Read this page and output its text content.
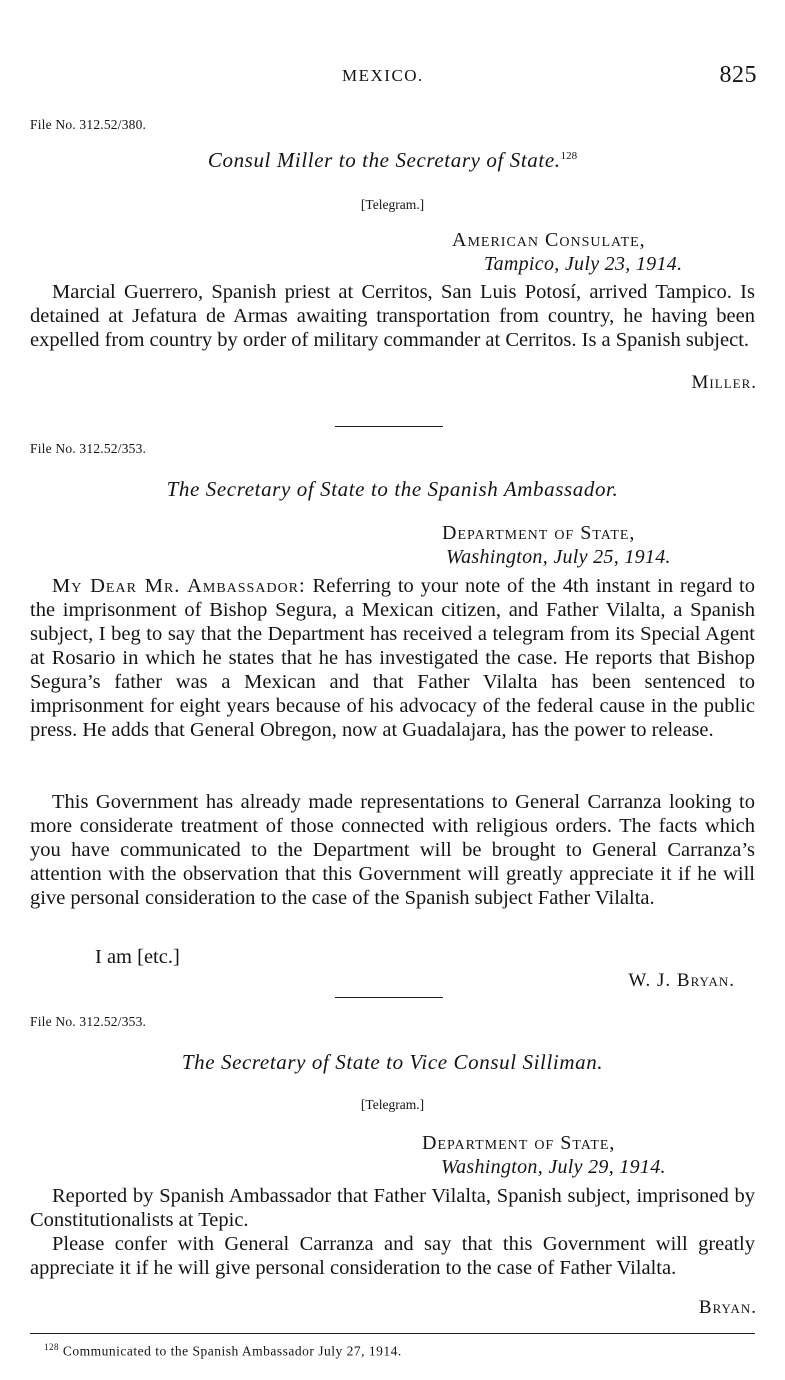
MEXICO.	825
File No. 312.52/380.
Consul Miller to the Secretary of State.$^{128}$
[Telegram.]
American Consulate,
Tampico, July 23, 1914.

Marcial Guerrero, Spanish priest at Cerritos, San Luis Potosí, arrived Tampico. Is detained at Jefatura de Armas awaiting transportation from country, he having been expelled from country by order of military commander at Cerritos. Is a Spanish subject.

Miller.
File No. 312.52/353.
The Secretary of State to the Spanish Ambassador.
Department of State,
Washington, July 25, 1914.

My Dear Mr. Ambassador: Referring to your note of the 4th instant in regard to the imprisonment of Bishop Segura, a Mexican citizen, and Father Vilalta, a Spanish subject, I beg to say that the Department has received a telegram from its Special Agent at Rosario in which he states that he has investigated the case. He reports that Bishop Segura’s father was a Mexican and that Father Vilalta has been sentenced to imprisonment for eight years because of his advocacy of the federal cause in the public press. He adds that General Obregon, now at Guadalajara, has the power to release.

This Government has already made representations to General Carranza looking to more considerate treatment of those connected with religious orders. The facts which you have communicated to the Department will be brought to General Carranza’s attention with the observation that this Government will greatly appreciate it if he will give personal consideration to the case of the Spanish subject Father Vilalta.

I am [etc.]
W. J. Bryan.
File No. 312.52/353.
The Secretary of State to Vice Consul Silliman.
[Telegram.]
Department of State,
Washington, July 29, 1914.

Reported by Spanish Ambassador that Father Vilalta, Spanish subject, imprisoned by Constitutionalists at Tepic.

Please confer with General Carranza and say that this Government will greatly appreciate it if he will give personal consideration to the case of Father Vilalta.

Bryan.
$^{128}$ Communicated to the Spanish Ambassador July 27, 1914.
